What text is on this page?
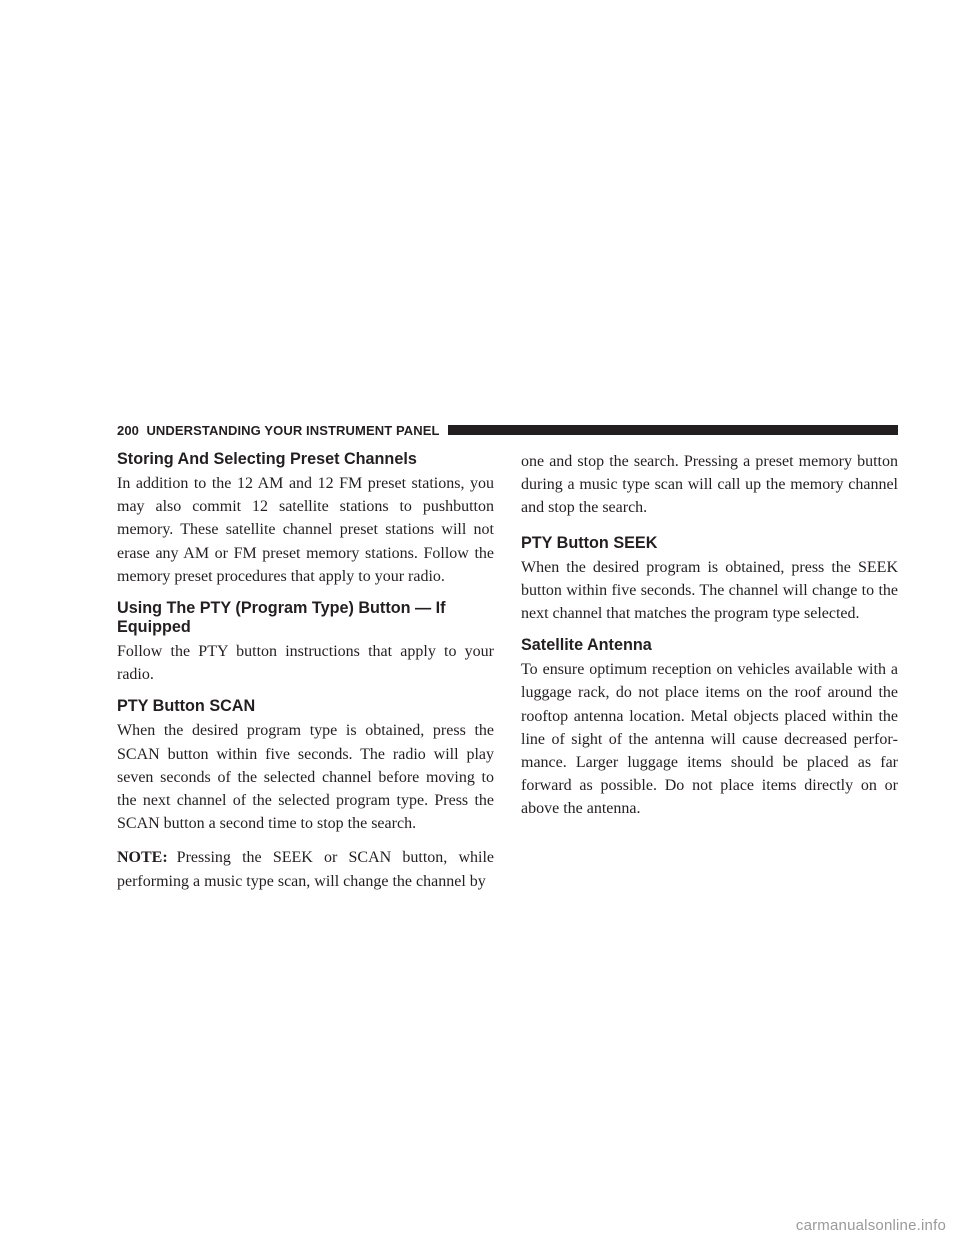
200 UNDERSTANDING YOUR INSTRUMENT PANEL
Storing And Selecting Preset Channels

In addition to the 12 AM and 12 FM preset stations, you may also commit 12 satellite stations to pushbutton memory. These satellite channel preset stations will not erase any AM or FM preset memory stations. Follow the memory preset procedures that apply to your radio.

Using The PTY (Program Type) Button — If Equipped

Follow the PTY button instructions that apply to your radio.

PTY Button SCAN

When the desired program type is obtained, press the SCAN button within five seconds. The radio will play seven seconds of the selected channel before moving to the next channel of the selected program type. Press the SCAN button a second time to stop the search.

NOTE: Pressing the SEEK or SCAN button, while performing a music type scan, will change the channel by

one and stop the search. Pressing a preset memory button during a music type scan will call up the memory channel and stop the search.

PTY Button SEEK

When the desired program is obtained, press the SEEK button within five seconds. The channel will change to the next channel that matches the program type selected.

Satellite Antenna

To ensure optimum reception on vehicles available with a luggage rack, do not place items on the roof around the rooftop antenna location. Metal objects placed within the line of sight of the antenna will cause decreased performance. Larger luggage items should be placed as far forward as possible. Do not place items directly on or above the antenna.

carmanualsonline.info
